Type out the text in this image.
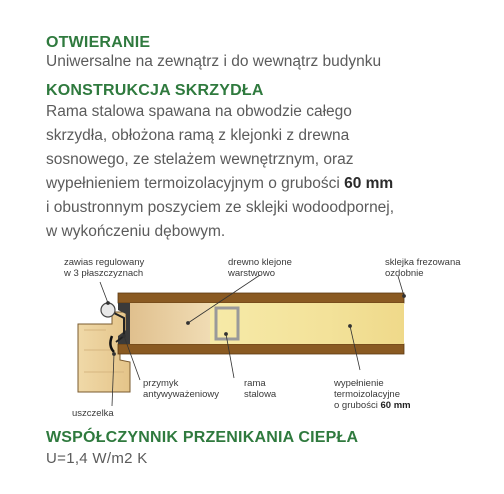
OTWIERANIE
Uniwersalne na zewnątrz i do wewnątrz budynku
KONSTRUKCJA SKRZYDŁA
Rama stalowa spawana na obwodzie całego
skrzydła, obłożona ramą z klejonki z drewna
sosnowego, ze stelażem wewnętrznym, oraz
wypełnieniem termoizolacyjnym o grubości 60 mm
i obustronnym poszyciem ze sklejki wodoodpornej,
w wykończeniu dębowym.
zawias regulowany
w 3 płaszczyznach
drewno klejone
warstwowo
sklejka frezowana
ozdobnie
przymyk
antywyważeniowy
rama
stalowa
wypełnienie
termoizolacyjne
o grubości 60 mm
uszczelka
WSPÓŁCZYNNIK PRZENIKANIA CIEPŁA
U=1,4 W/m2 K
